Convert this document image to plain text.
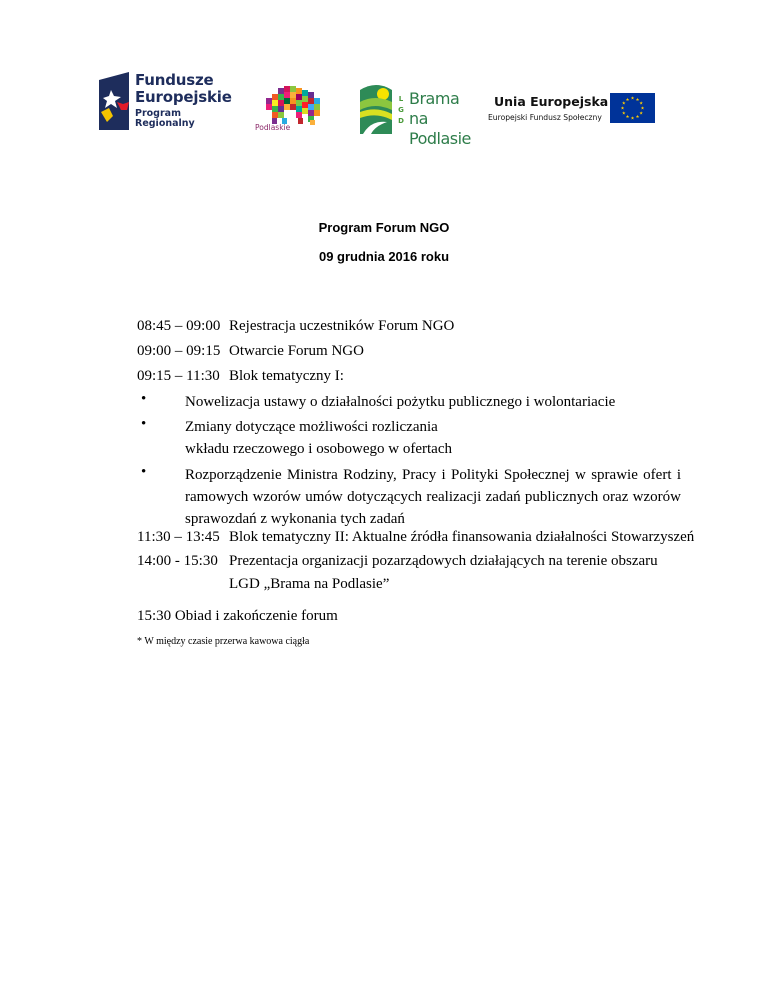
Fundusze
Europejskie
Program Regionalny	Podlaskie
L
G
D
Brama na
Podlasie
Unia Europejska
Europejski Fundusz Społeczny
★ ★
★
★
★
★
★
★
★
★
★
★
Program Forum NGO
09 grudnia 2016 roku
08:45 – 09:00 Rejestracja uczestników Forum NGO
09:00 – 09:15 Otwarcie Forum NGO
09:15 – 11:30 Blok tematyczny I:
•	Nowelizacja ustawy o działalności pożytku publicznego i wolontariacie
•	Zmiany dotyczące możliwości rozliczania wkładu rzeczowego i osobowego w ofertach
•	Rozporządzenie Ministra Rodziny, Pracy i Polityki Społecznej w sprawie ofert i ramowych wzorów umów dotyczących realizacji zadań publicznych oraz wzorów sprawozdań z wykonania tych zadań
11:30 – 13:45 Blok tematyczny II: Aktualne źródła finansowania działalności Stowarzyszeń
14:00 - 15:30 Prezentacja organizacji pozarządowych działających na terenie obszaru
LGD „Brama na Podlasie”
15:30 Obiad i zakończenie forum
* W między czasie przerwa kawowa ciągła
